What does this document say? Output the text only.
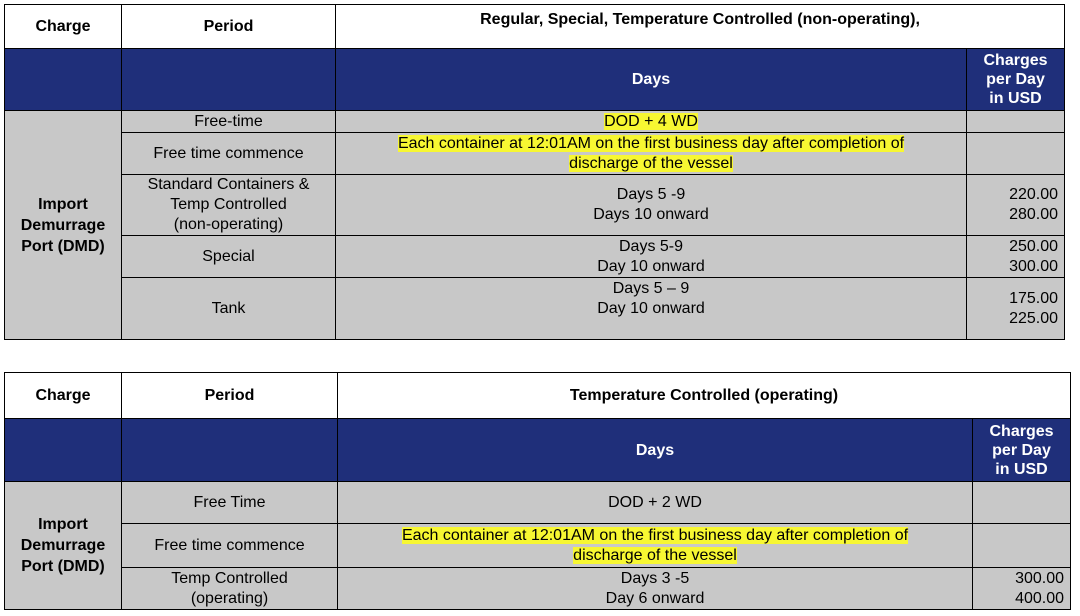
Charge	Period	Regular, Special, Temperature Controlled (non-operating),	
		Days	Charges
per Day
in USD

Import
Demurrage
Port (DMD)	Free-time	DOD + 4 WD	
	Free time commence	Each container at 12:01AM on the first business day after completion of
discharge of the vessel	

	Standard Containers &
Temp Controlled
(non-operating)	Days 5 -9
Days 10 onward	220.00
280.00

	Special	Days 5-9
Day 10 onward	250.00
300.00

	Tank	Days 5 – 9
Day 10 onward	175.00
225.00
Charge	Period	Temperature Controlled (operating)	
		Days	Charges
per Day
in USD

Import
Demurrage
Port (DMD)	Free Time	DOD + 2 WD	
	Free time commence	Each container at 12:01AM on the first business day after completion of
discharge of the vessel	

	Temp Controlled
(operating)	Days 3 -5
Day 6 onward	300.00
400.00
